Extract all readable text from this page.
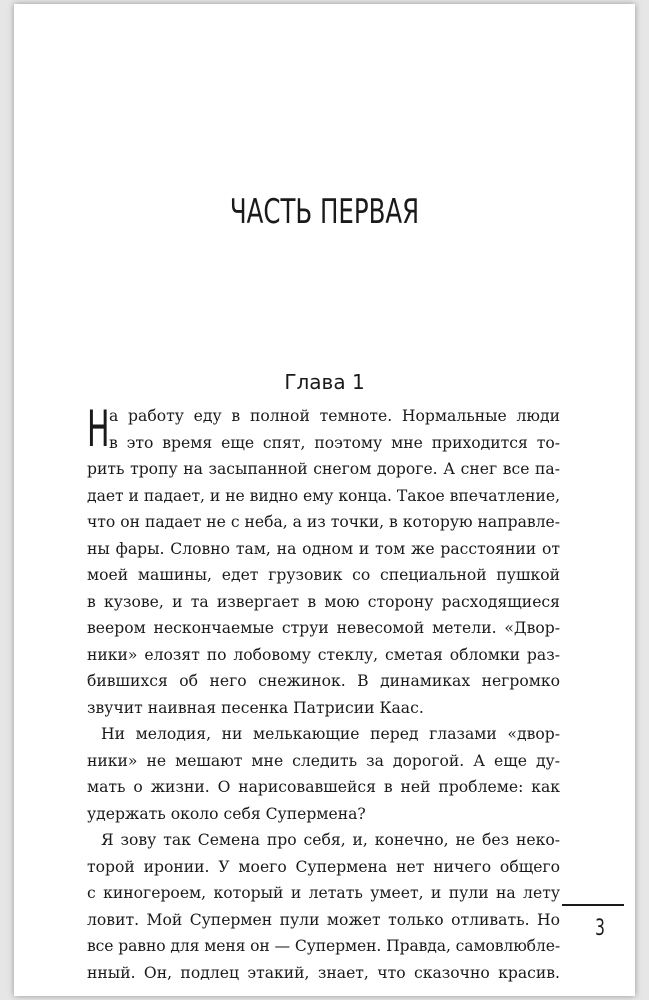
ЧАСТЬ ПЕРВАЯ
Глава 1
Н а работу еду в полной темноте. Нормальные люди
в это время еще спят, поэтому мне приходится то-
рить тропу на засыпанной снегом дороге. А снег все па-
дает и падает, и не видно ему конца. Такое впечатление,
что он падает не с неба, а из точки, в которую направле-
ны фары. Словно там, на одном и том же расстоянии от
моей машины, едет грузовик со специальной пушкой
в кузове, и та извергает в мою сторону расходящиеся
веером нескончаемые струи невесомой метели. «Двор-
ники» елозят по лобовому стеклу, сметая обломки раз-
бившихся об него снежинок. В динамиках негромко
звучит наивная песенка Патрисии Каас.
Ни мелодия, ни мелькающие перед глазами «двор-
ники» не мешают мне следить за дорогой. А еще ду-
мать о жизни. О нарисовавшейся в ней проблеме: как
удержать около себя Супермена?
Я зову так Семена про себя, и, конечно, не без неко-
торой иронии. У моего Супермена нет ничего общего
с киногероем, который и летать умеет, и пули на лету
ловит. Мой Супермен пули может только отливать. Но
все равно для меня он — Супермен. Правда, самовлюбле-
нный. Он, подлец этакий, знает, что сказочно красив.
3
